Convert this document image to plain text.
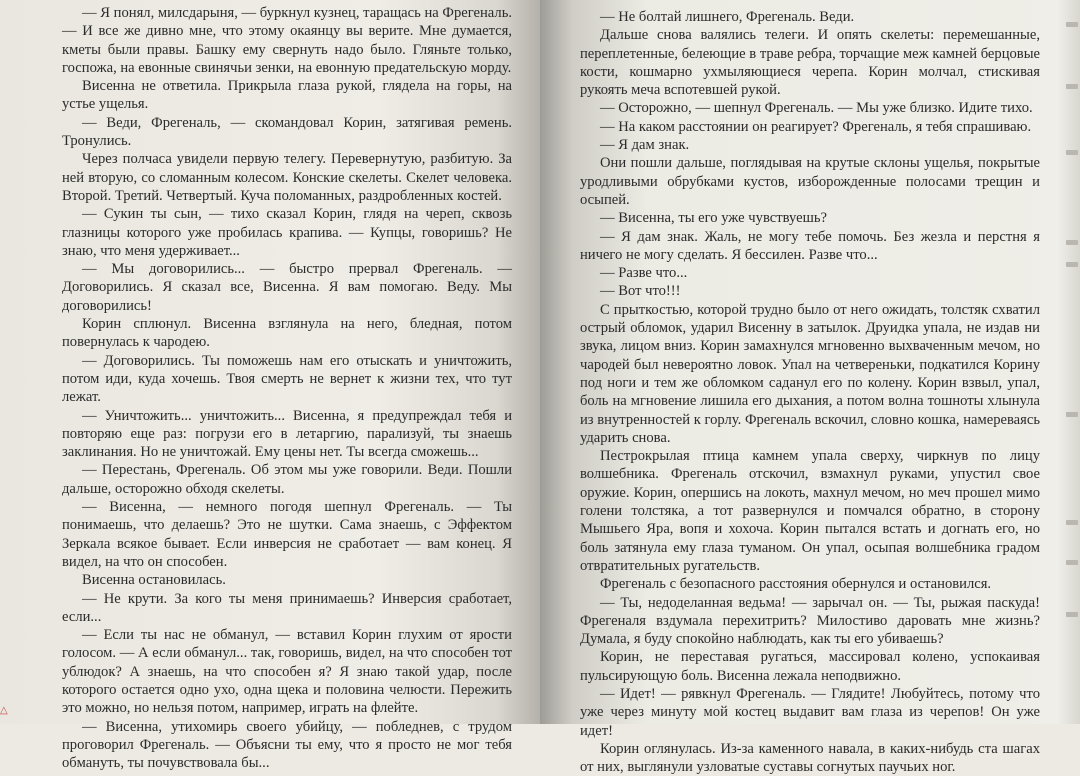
— Я понял, милсдарыня, — буркнул кузнец, таращась на Фрегеналь. — И все же дивно мне, что этому окаянцу вы верите. Мне думается, кметы были правы. Башку ему свернуть надо было. Гляньте только, госпожа, на евонные свинячьи зенки, на евонную предательскую морду.

Висенна не ответила. Прикрыла глаза рукой, глядела на горы, на устье ущелья.

— Веди, Фрегеналь, — скомандовал Корин, затягивая ремень. Тронулись.

Через полчаса увидели первую телегу. Перевернутую, разбитую. За ней вторую, со сломанным колесом. Конские скелеты. Скелет человека. Второй. Третий. Четвертый. Куча поломанных, раздробленных костей.

— Сукин ты сын, — тихо сказал Корин, глядя на череп, сквозь глазницы которого уже пробилась крапива. — Купцы, говоришь? Не знаю, что меня удерживает...

— Мы договорились... — быстро прервал Фрегеналь. — Договорились. Я сказал все, Висенна. Я вам помогаю. Веду. Мы договорились!

Корин сплюнул. Висенна взглянула на него, бледная, потом повернулась к чародею.

— Договорились. Ты поможешь нам его отыскать и уничтожить, потом иди, куда хочешь. Твоя смерть не вернет к жизни тех, что тут лежат.

— Уничтожить... уничтожить... Висенна, я предупреждал тебя и повторяю еще раз: погрузи его в летаргию, парализуй, ты знаешь заклинания. Но не уничтожай. Ему цены нет. Ты всегда сможешь...

— Перестань, Фрегеналь. Об этом мы уже говорили. Веди. Пошли дальше, осторожно обходя скелеты.

— Висенна, — немного погодя шепнул Фрегеналь. — Ты понимаешь, что делаешь? Это не шутки. Сама знаешь, с Эффектом Зеркала всякое бывает. Если инверсия не сработает — вам конец. Я видел, на что он способен.

Висенна остановилась.

— Не крути. За кого ты меня принимаешь? Инверсия сработает, если...

— Если ты нас не обманул, — вставил Корин глухим от ярости голосом. — А если обманул... так, говоришь, видел, на что способен тот ублюдок? А знаешь, на что способен я? Я знаю такой удар, после которого остается одно ухо, одна щека и половина челюсти. Пережить это можно, но нельзя потом, например, играть на флейте.

— Висенна, утихомирь своего убийцу, — побледнев, с трудом проговорил Фрегеналь. — Объясни ты ему, что я просто не мог тебя обмануть, ты почувствовала бы...

△

— Не болтай лишнего, Фрегеналь. Веди.

Дальше снова валялись телеги. И опять скелеты: перемешанные, переплетенные, белеющие в траве ребра, торчащие меж камней берцовые кости, кошмарно ухмыляющиеся черепа. Корин молчал, стискивая рукоять меча вспотевшей рукой.

— Осторожно, — шепнул Фрегеналь. — Мы уже близко. Идите тихо.

— На каком расстоянии он реагирует? Фрегеналь, я тебя спрашиваю.

— Я дам знак.

Они пошли дальше, поглядывая на крутые склоны ущелья, покрытые уродливыми обрубками кустов, изборожденные полосами трещин и осыпей.

— Висенна, ты его уже чувствуешь?

— Я дам знак. Жаль, не могу тебе помочь. Без жезла и перстня я ничего не могу сделать. Я бессилен. Разве что...

— Разве что...

— Вот что!!!

С прыткостью, которой трудно было от него ожидать, толстяк схватил острый обломок, ударил Висенну в затылок. Друидка упала, не издав ни звука, лицом вниз. Корин замахнулся мгновенно выхваченным мечом, но чародей был невероятно ловок. Упал на четвереньки, подкатился Корину под ноги и тем же обломком саданул его по колену. Корин взвыл, упал, боль на мгновение лишила его дыхания, а потом волна тошноты хлынула из внутренностей к горлу. Фрегеналь вскочил, словно кошка, намереваясь ударить снова.

Пестрокрылая птица камнем упала сверху, чиркнув по лицу волшебника. Фрегеналь отскочил, взмахнул руками, упустил свое оружие. Корин, опершись на локоть, махнул мечом, но меч прошел мимо голени толстяка, а тот развернулся и помчался обратно, в сторону Мышьего Яра, вопя и хохоча. Корин пытался встать и догнать его, но боль затянула ему глаза туманом. Он упал, осыпая волшебника градом отвратительных ругательств.

Фрегеналь с безопасного расстояния обернулся и остановился.

— Ты, недоделанная ведьма! — зарычал он. — Ты, рыжая паскуда! Фрегеналя вздумала перехитрить? Милостиво даровать мне жизнь? Думала, я буду спокойно наблюдать, как ты его убиваешь?

Корин, не переставая ругаться, массировал колено, успокаивая пульсирующую боль. Висенна лежала неподвижно.

— Идет! — рявкнул Фрегеналь. — Глядите! Любуйтесь, потому что уже через минуту мой костец выдавит вам глаза из черепов! Он уже идет!

Корин оглянулась. Из-за каменного навала, в каких-нибудь ста шагах от них, выглянули узловатые суставы согнутых паучьих ног.
